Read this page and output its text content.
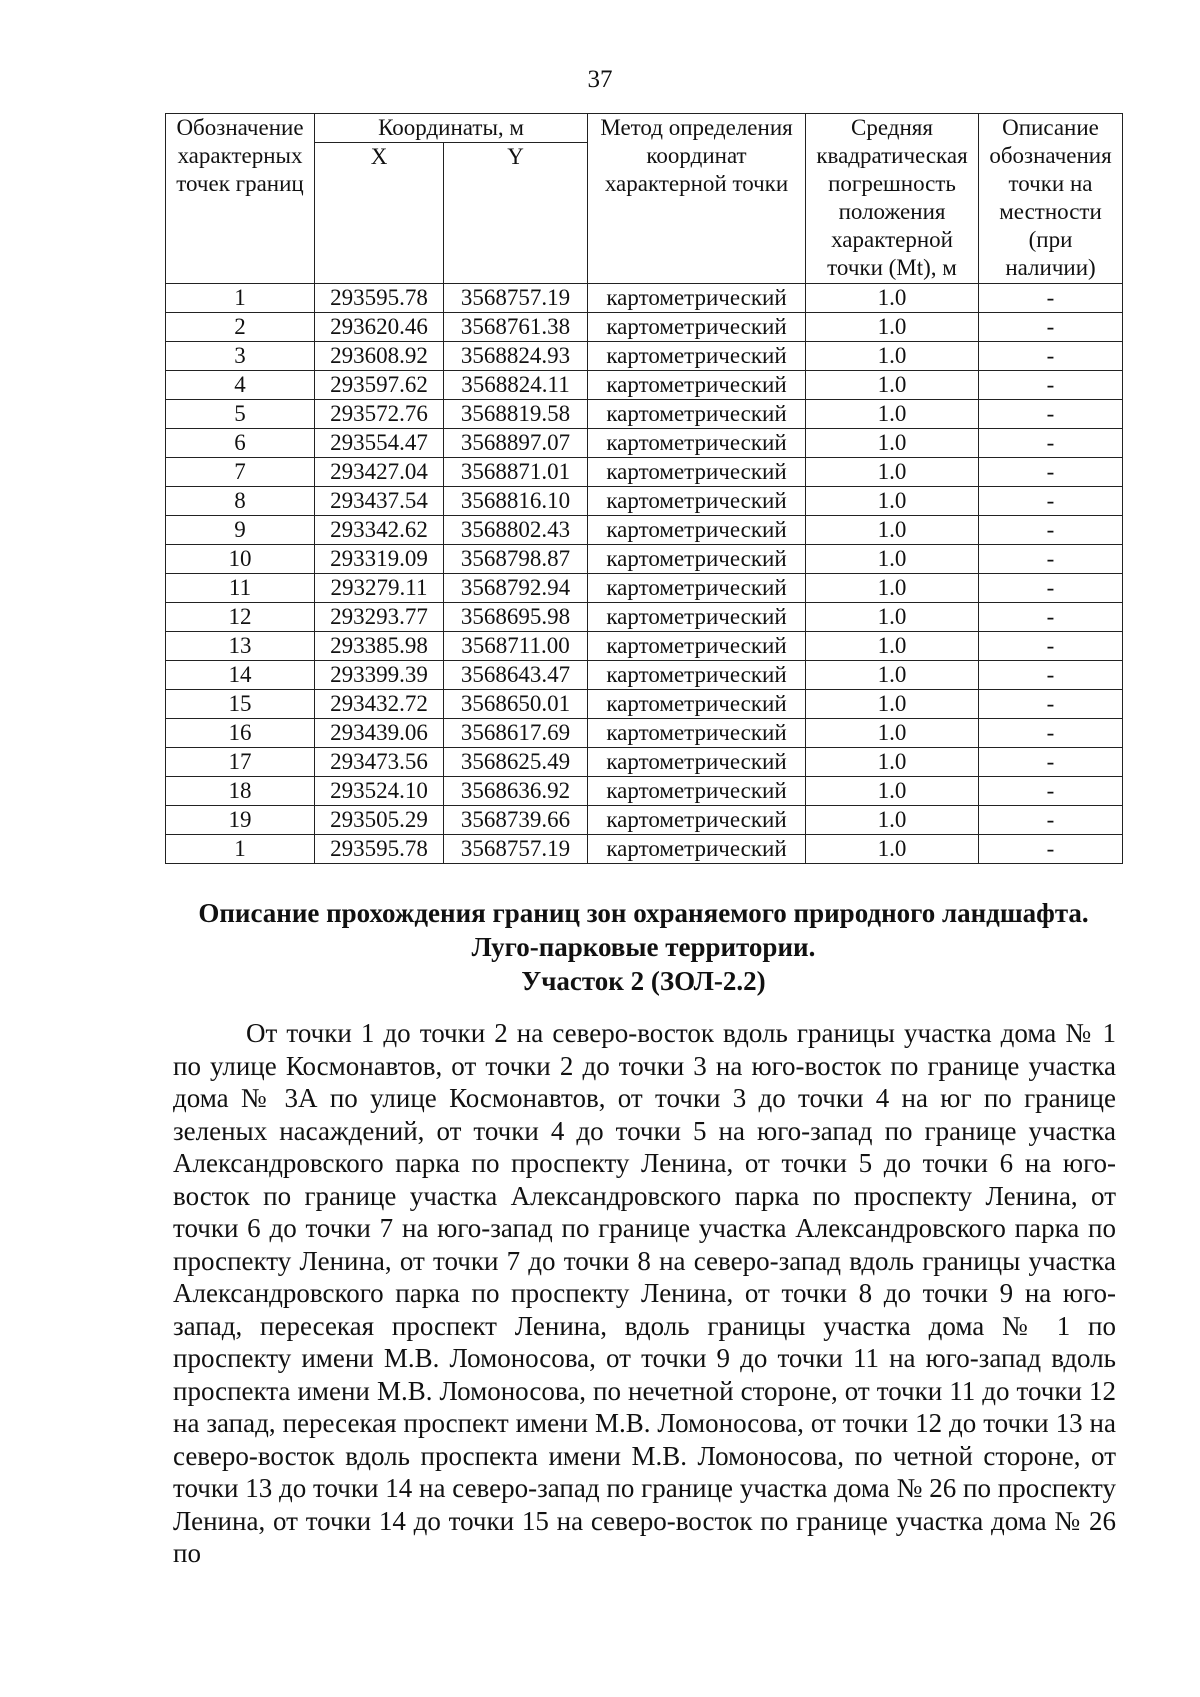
37
Обозначение характерных точек границ	Координаты, м		Метод определения координат характерной точки	Средняя квадратическая погрешность положения характерной точки (Mt), м	Описание обозначения точки на местности (при наличии)
	X	Y			
1	293595.78	3568757.19	картометрический	1.0	-
2	293620.46	3568761.38	картометрический	1.0	-
3	293608.92	3568824.93	картометрический	1.0	-
4	293597.62	3568824.11	картометрический	1.0	-
5	293572.76	3568819.58	картометрический	1.0	-
6	293554.47	3568897.07	картометрический	1.0	-
7	293427.04	3568871.01	картометрический	1.0	-
8	293437.54	3568816.10	картометрический	1.0	-
9	293342.62	3568802.43	картометрический	1.0	-
10	293319.09	3568798.87	картометрический	1.0	-
11	293279.11	3568792.94	картометрический	1.0	-
12	293293.77	3568695.98	картометрический	1.0	-
13	293385.98	3568711.00	картометрический	1.0	-
14	293399.39	3568643.47	картометрический	1.0	-
15	293432.72	3568650.01	картометрический	1.0	-
16	293439.06	3568617.69	картометрический	1.0	-
17	293473.56	3568625.49	картометрический	1.0	-
18	293524.10	3568636.92	картометрический	1.0	-
19	293505.29	3568739.66	картометрический	1.0	-
1	293595.78	3568757.19	картометрический	1.0	-
Описание прохождения границ зон охраняемого природного ландшафта.
Луго-парковые территории.
Участок 2 (ЗОЛ-2.2)

От точки 1 до точки 2 на северо-восток вдоль границы участка дома № 1 по улице Космонавтов, от точки 2 до точки 3 на юго-восток по границе участка дома № 3А по улице Космонавтов, от точки 3 до точки 4 на юг по границе зеленых насаждений, от точки 4 до точки 5 на юго-запад по границе участка Александровского парка по проспекту Ленина, от точки 5 до точки 6 на юго-восток по границе участка Александровского парка по проспекту Ленина, от точки 6 до точки 7 на юго-запад по границе участка Александровского парка по проспекту Ленина, от точки 7 до точки 8 на северо-запад вдоль границы участка Александровского парка по проспекту Ленина, от точки 8 до точки 9 на юго-запад, пересекая проспект Ленина, вдоль границы участка дома № 1 по проспекту имени М.В. Ломоносова, от точки 9 до точки 11 на юго-запад вдоль проспекта имени М.В. Ломоносова, по нечетной стороне, от точки 11 до точки 12 на запад, пересекая проспект имени М.В. Ломоносова, от точки 12 до точки 13 на северо-восток вдоль проспекта имени М.В. Ломоносова, по четной стороне, от точки 13 до точки 14 на северо-запад по границе участка дома № 26 по проспекту Ленина, от точки 14 до точки 15 на северо-восток по границе участка дома № 26 по
